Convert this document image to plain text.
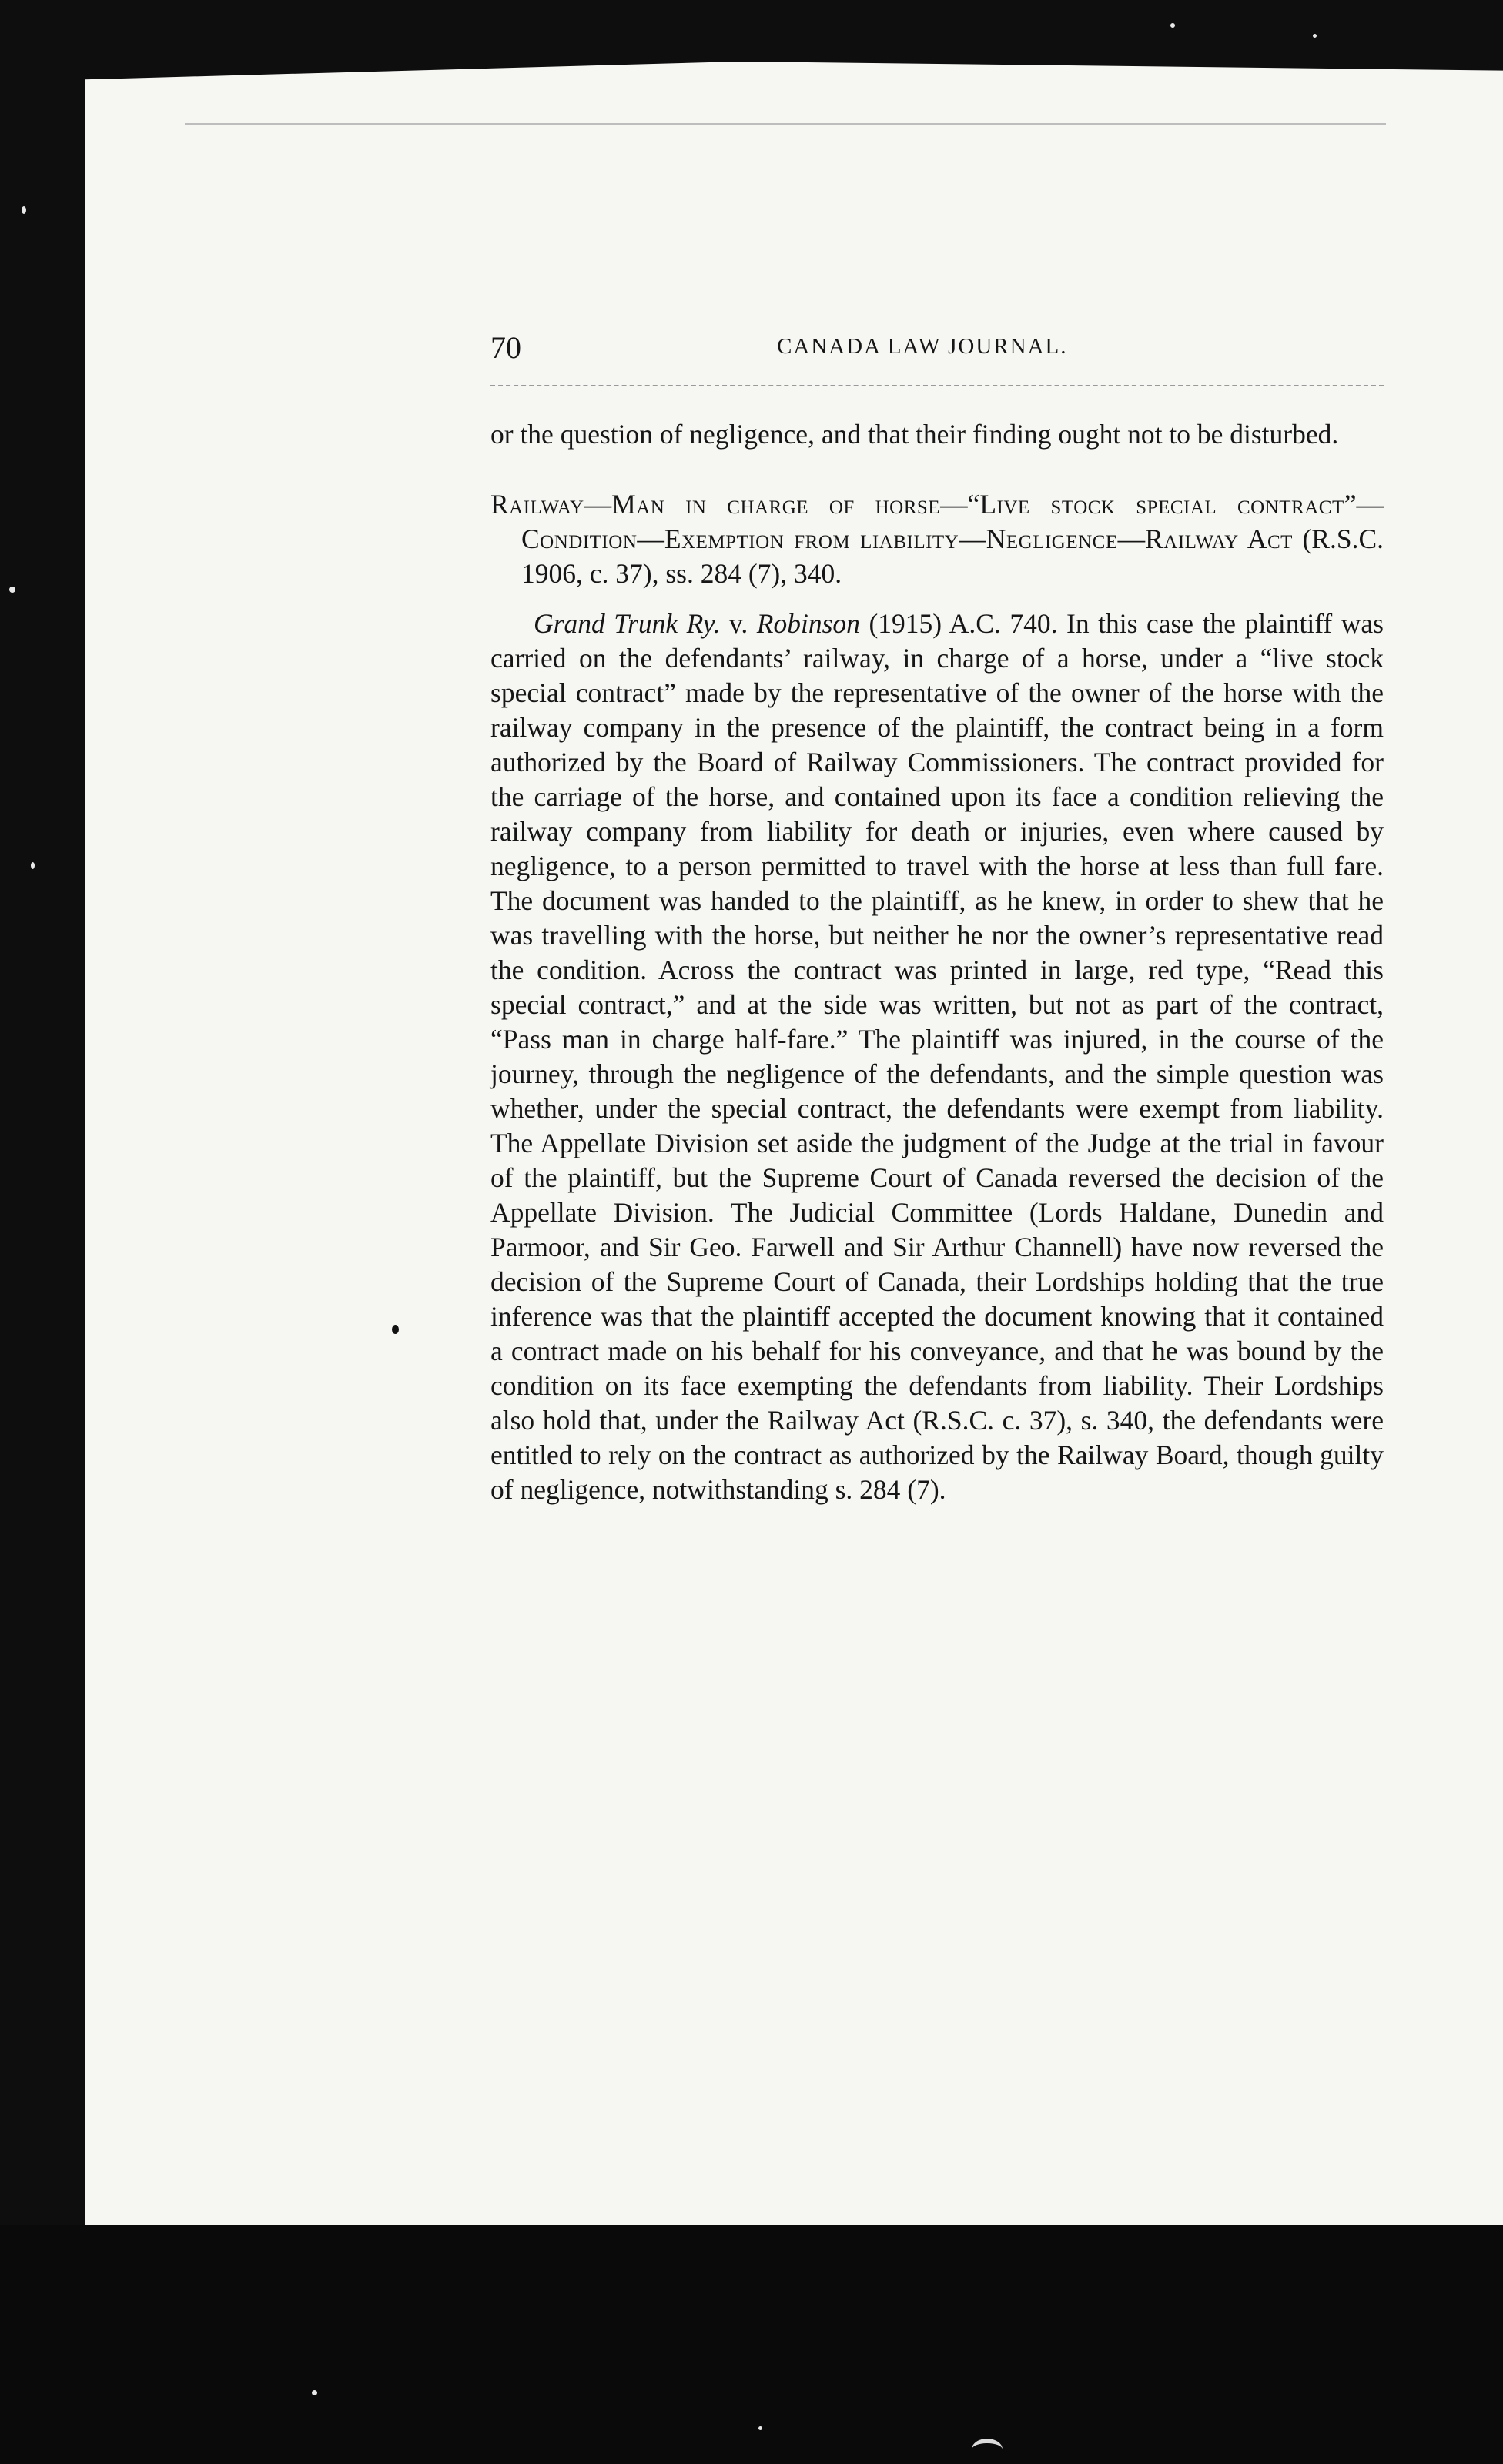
70	CANADA LAW JOURNAL.

or the question of negligence, and that their finding ought not to be disturbed.

Railway—Man in charge of horse—“Live stock special contract”—Condition—Exemption from liability—Negligence—Railway Act (R.S.C. 1906, c. 37), ss. 284 (7), 340.

Grand Trunk Ry. v. Robinson (1915) A.C. 740. In this case the plaintiff was carried on the defendants’ railway, in charge of a horse, under a “live stock special contract” made by the representative of the owner of the horse with the railway company in the presence of the plaintiff, the contract being in a form authorized by the Board of Railway Commissioners. The contract provided for the carriage of the horse, and contained upon its face a condition relieving the railway company from liability for death or injuries, even where caused by negligence, to a person permitted to travel with the horse at less than full fare. The document was handed to the plaintiff, as he knew, in order to shew that he was travelling with the horse, but neither he nor the owner’s representative read the condition. Across the contract was printed in large, red type, “Read this special contract,” and at the side was written, but not as part of the contract, “Pass man in charge half-fare.” The plaintiff was injured, in the course of the journey, through the negligence of the defendants, and the simple question was whether, under the special contract, the defendants were exempt from liability. The Appellate Division set aside the judgment of the Judge at the trial in favour of the plaintiff, but the Supreme Court of Canada reversed the decision of the Appellate Division. The Judicial Committee (Lords Haldane, Dunedin and Parmoor, and Sir Geo. Farwell and Sir Arthur Channell) have now reversed the decision of the Supreme Court of Canada, their Lordships holding that the true inference was that the plaintiff accepted the document knowing that it contained a contract made on his behalf for his conveyance, and that he was bound by the condition on its face exempting the defendants from liability. Their Lordships also hold that, under the Railway Act (R.S.C. c. 37), s. 340, the defendants were entitled to rely on the contract as authorized by the Railway Board, though guilty of negligence, notwithstanding s. 284 (7).
